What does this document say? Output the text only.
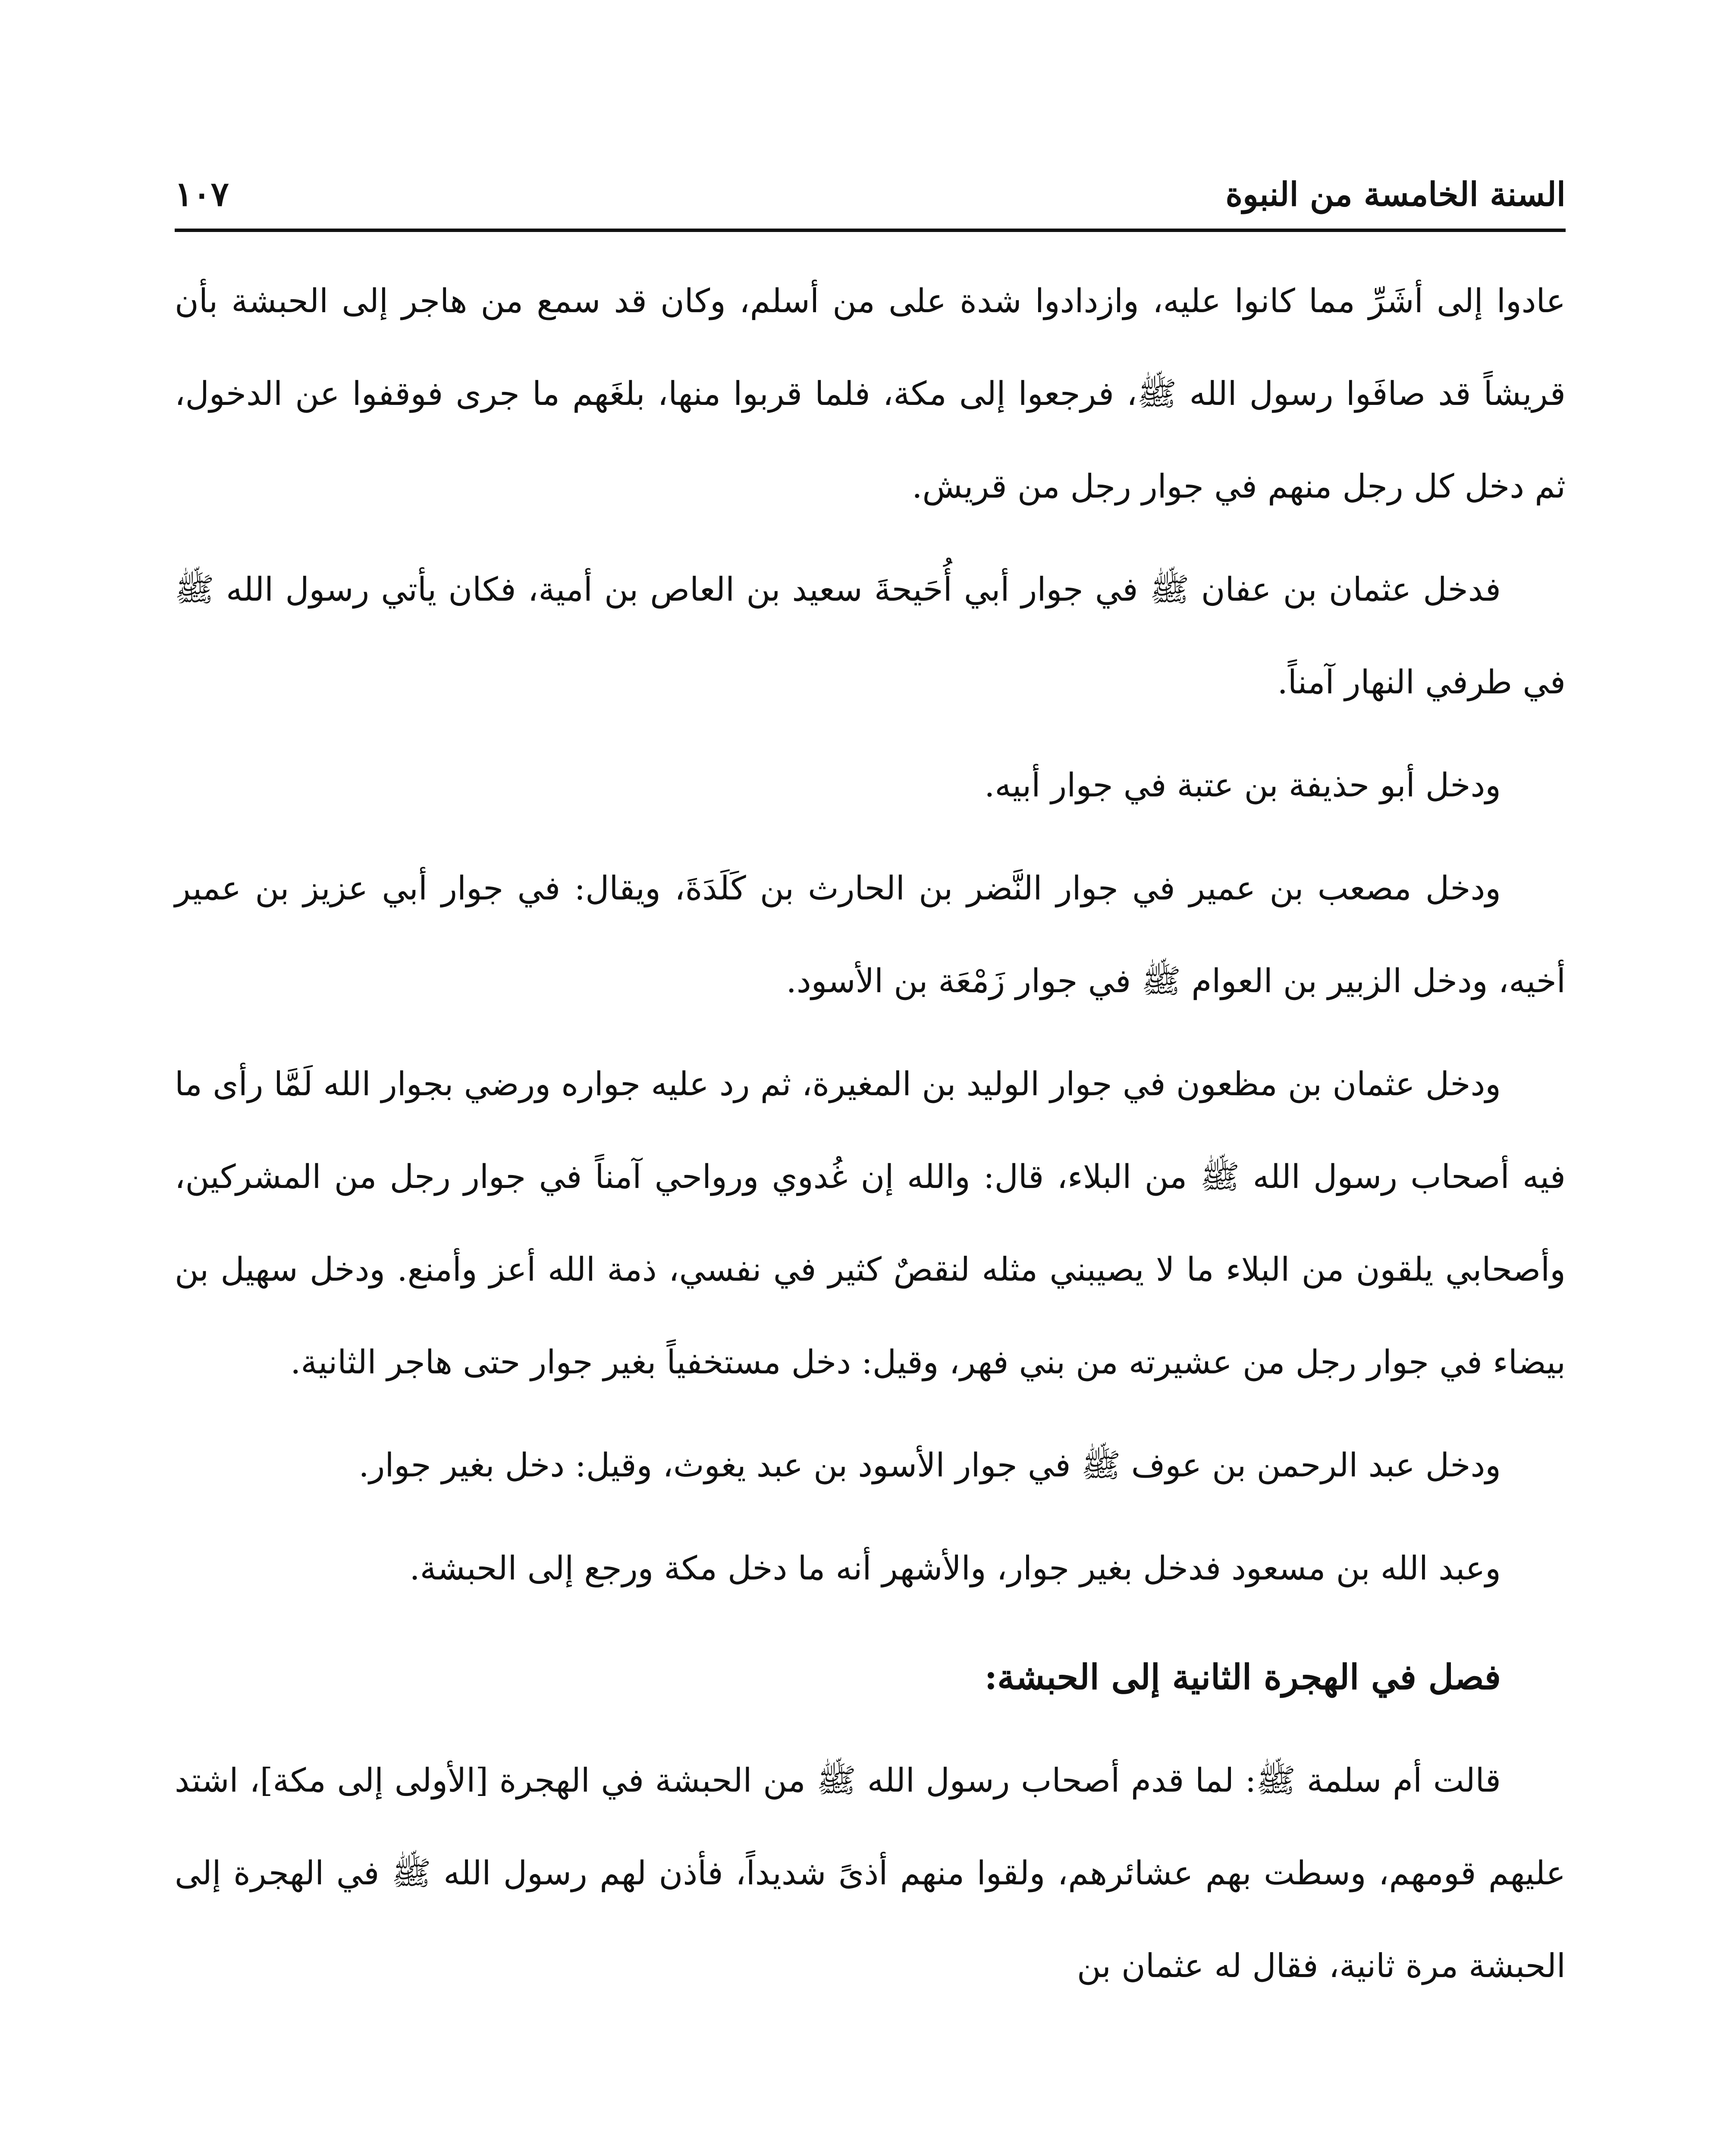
السنة الخامسة من النبوة
١٠٧

عادوا إلى أشَرِّ مما كانوا عليه، وازدادوا شدة على من أسلم، وكان قد سمع من هاجر إلى الحبشة بأن قريشاً قد صافَوا رسول الله ﷺ، فرجعوا إلى مكة، فلما قربوا منها، بلغَهم ما جرى فوقفوا عن الدخول، ثم دخل كل رجل منهم في جوار رجل من قريش.

فدخل عثمان بن عفان ﷺ في جوار أبي أُحَيحةَ سعيد بن العاص بن أمية، فكان يأتي رسول الله ﷺ في طرفي النهار آمناً.

ودخل أبو حذيفة بن عتبة في جوار أبيه.

ودخل مصعب بن عمير في جوار النَّضر بن الحارث بن كَلَدَةَ، ويقال: في جوار أبي عزيز بن عمير أخيه، ودخل الزبير بن العوام ﷺ في جوار زَمْعَة بن الأسود.

ودخل عثمان بن مظعون في جوار الوليد بن المغيرة، ثم رد عليه جواره ورضي بجوار الله لَمَّا رأى ما فيه أصحاب رسول الله ﷺ من البلاء، قال: والله إن غُدوي ورواحي آمناً في جوار رجل من المشركين، وأصحابي يلقون من البلاء ما لا يصيبني مثله لنقصٌ كثير في نفسي، ذمة الله أعز وأمنع. ودخل سهيل بن بيضاء في جوار رجل من عشيرته من بني فهر، وقيل: دخل مستخفياً بغير جوار حتى هاجر الثانية.

ودخل عبد الرحمن بن عوف ﷺ في جوار الأسود بن عبد يغوث، وقيل: دخل بغير جوار.

وعبد الله بن مسعود فدخل بغير جوار، والأشهر أنه ما دخل مكة ورجع إلى الحبشة.

فصل في الهجرة الثانية إلى الحبشة:

قالت أم سلمة ﷺ: لما قدم أصحاب رسول الله ﷺ من الحبشة في الهجرة [الأولى إلى مكة]، اشتد عليهم قومهم، وسطت بهم عشائرهم، ولقوا منهم أذىً شديداً، فأذن لهم رسول الله ﷺ في الهجرة إلى الحبشة مرة ثانية، فقال له عثمان بن
